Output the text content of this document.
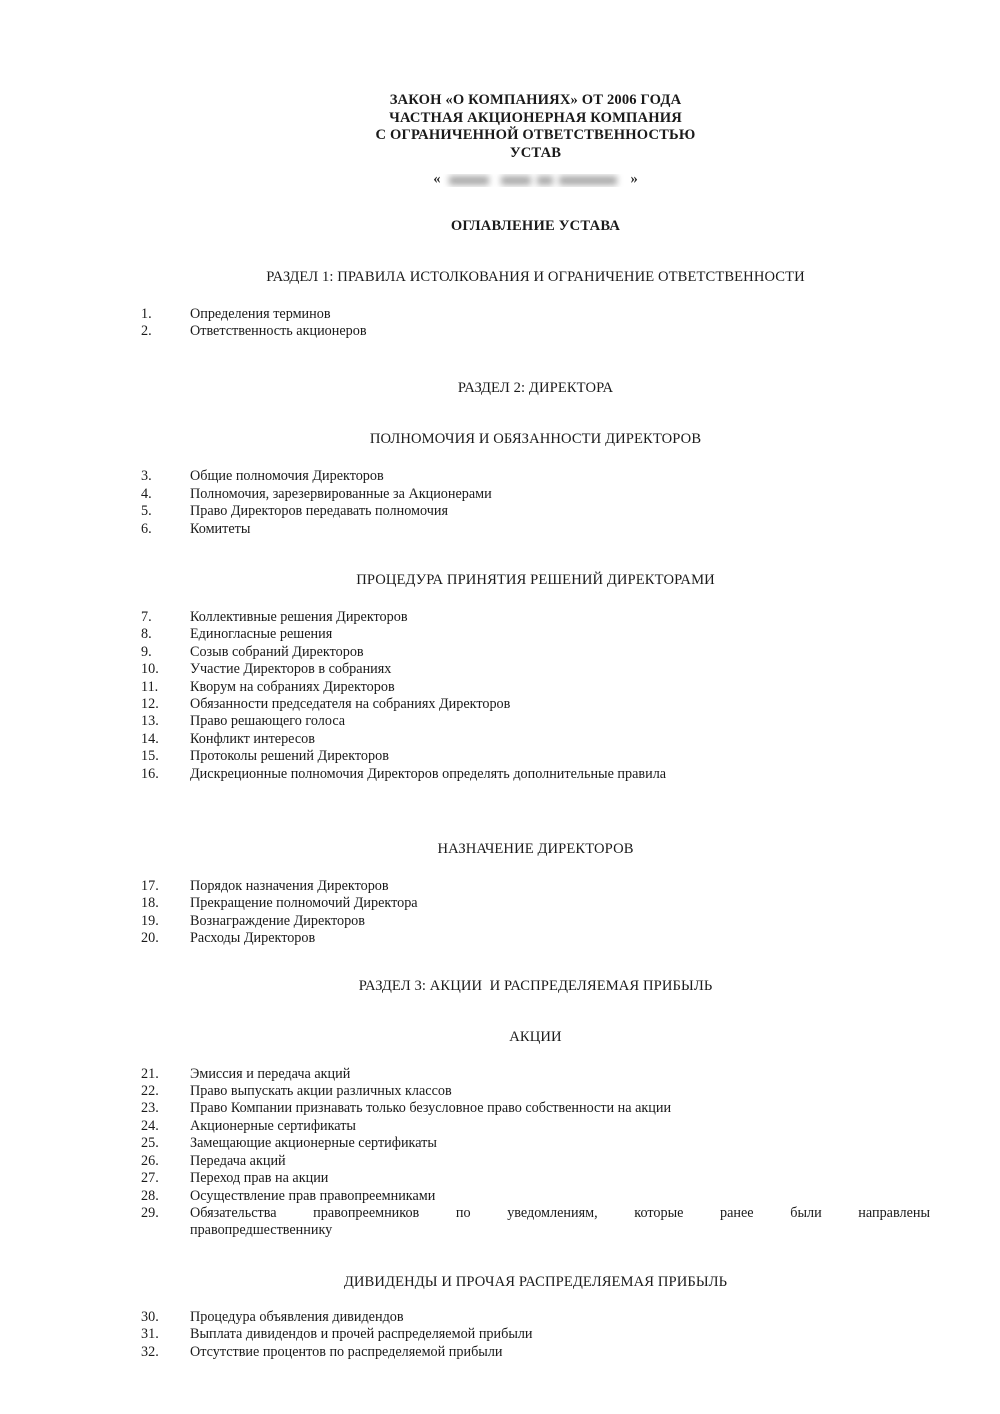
ЗАКОН «О КОМПАНИЯХ» ОТ 2006 ГОДА
ЧАСТНАЯ АКЦИОНЕРНАЯ КОМПАНИЯ
С ОГРАНИЧЕННОЙ ОТВЕТСТВЕННОСТЬЮ
УСТАВ
«	»
ОГЛАВЛЕНИЕ УСТАВА
РАЗДЕЛ 1: ПРАВИЛА ИСТОЛКОВАНИЯ И ОГРАНИЧЕНИЕ ОТВЕТСТВЕННОСТИ
1.	Определения терминов
2.	Ответственность акционеров
РАЗДЕЛ 2: ДИРЕКТОРА
ПОЛНОМОЧИЯ И ОБЯЗАННОСТИ ДИРЕКТОРОВ
3.	Общие полномочия Директоров
4.	Полномочия, зарезервированные за Акционерами
5.	Право Директоров передавать полномочия
6.	Комитеты
ПРОЦЕДУРА ПРИНЯТИЯ РЕШЕНИЙ ДИРЕКТОРАМИ
7.	Коллективные решения Директоров
8.	Единогласные решения
9.	Созыв собраний Директоров
10.	Участие Директоров в собраниях
11.	Кворум на собраниях Директоров
12.	Обязанности председателя на собраниях Директоров
13.	Право решающего голоса
14.	Конфликт интересов
15.	Протоколы решений Директоров
16.	Дискреционные полномочия Директоров определять дополнительные правила
НАЗНАЧЕНИЕ ДИРЕКТОРОВ
17.	Порядок назначения Директоров
18.	Прекращение полномочий Директора
19.	Вознаграждение Директоров
20.	Расходы Директоров
РАЗДЕЛ 3: АКЦИИ  И РАСПРЕДЕЛЯЕМАЯ ПРИБЫЛЬ
АКЦИИ
21.	Эмиссия и передача акций
22.	Право выпускать акции различных классов
23.	Право Компании признавать только безусловное право собственности на акции
24.	Акционерные сертификаты
25.	Замещающие акционерные сертификаты
26.	Передача акций
27.	Переход прав на акции
28.	Осуществление прав правопреемниками
29.	Обязательства правопреемников по уведомлениям, которые ранее были направлены
правопредшественнику
ДИВИДЕНДЫ И ПРОЧАЯ РАСПРЕДЕЛЯЕМАЯ ПРИБЫЛЬ
30.	Процедура объявления дивидендов
31.	Выплата дивидендов и прочей распределяемой прибыли
32.	Отсутствие процентов по распределяемой прибыли
